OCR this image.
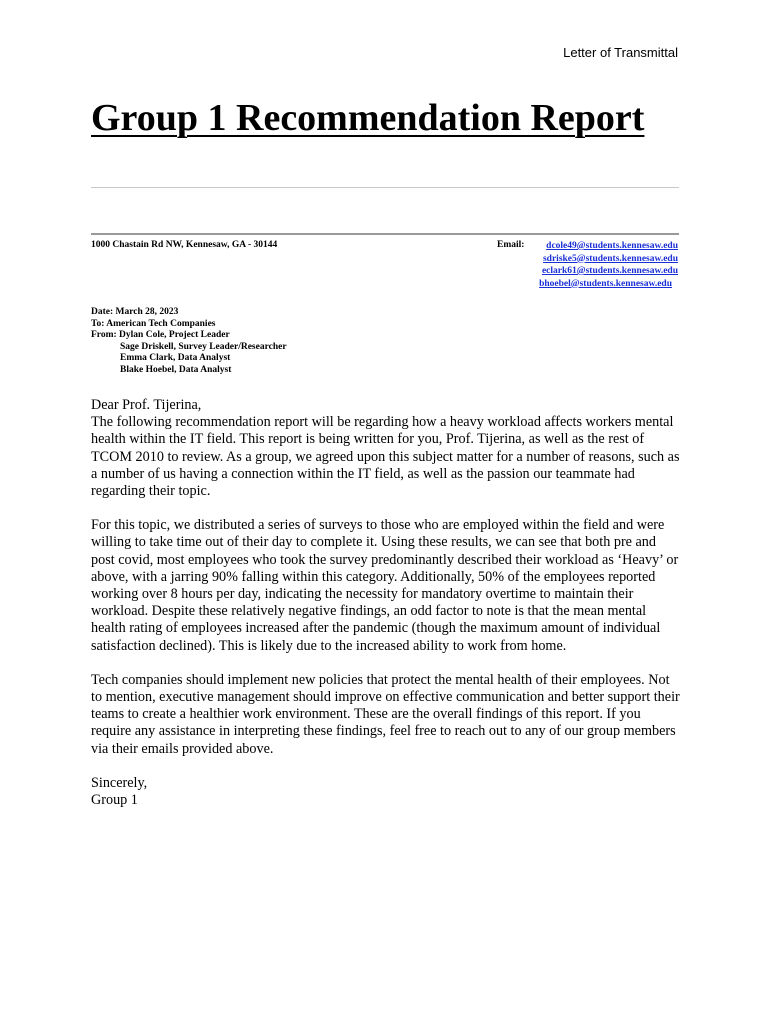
Letter of Transmittal
Group 1 Recommendation Report
1000 Chastain Rd NW, Kennesaw, GA - 30144	Email:	dcole49@students.kennesaw.edu
sdriske5@students.kennesaw.edu
eclark61@students.kennesaw.edu
bhoebel@students.kennesaw.edu
Date: March 28, 2023
To: American Tech Companies
From: Dylan Cole, Project Leader
Sage Driskell, Survey Leader/Researcher
Emma Clark, Data Analyst
Blake Hoebel, Data Analyst

Dear Prof. Tijerina,

The following recommendation report will be regarding how a heavy workload affects workers mental health within the IT field. This report is being written for you, Prof. Tijerina, as well as the rest of TCOM 2010 to review. As a group, we agreed upon this subject matter for a number of reasons, such as a number of us having a connection within the IT field, as well as the passion our teammate had regarding their topic.

For this topic, we distributed a series of surveys to those who are employed within the field and were willing to take time out of their day to complete it. Using these results, we can see that both pre and post covid, most employees who took the survey predominantly described their workload as ‘Heavy’ or above, with a jarring 90% falling within this category. Additionally, 50% of the employees reported working over 8 hours per day, indicating the necessity for mandatory overtime to maintain their workload. Despite these relatively negative findings, an odd factor to note is that the mean mental health rating of employees increased after the pandemic (though the maximum amount of individual satisfaction declined). This is likely due to the increased ability to work from home.

Tech companies should implement new policies that protect the mental health of their employees. Not to mention, executive management should improve on effective communication and better support their teams to create a healthier work environment. These are the overall findings of this report. If you require any assistance in interpreting these findings, feel free to reach out to any of our group members via their emails provided above.

Sincerely,
Group 1
